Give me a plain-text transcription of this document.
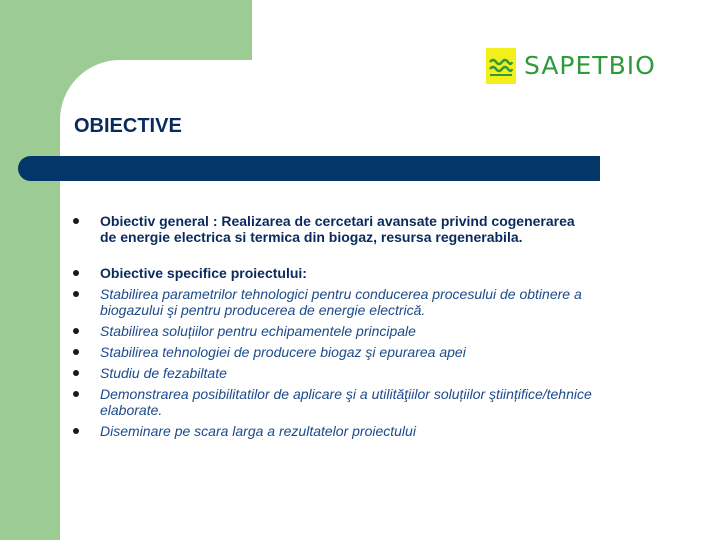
SAPETBIO
OBIECTIVE
Obiectiv general : Realizarea de cercetari avansate privind cogenerarea de energie electrica si termica din biogaz, resursa regenerabila.
Obiective specifice proiectului:
Stabilirea parametrilor tehnologici pentru conducerea procesului de obtinere a biogazului şi pentru producerea de energie electrică.
Stabilirea soluțiilor pentru echipamentele principale
Stabilirea tehnologiei de producere biogaz şi epurarea apei
Studiu de fezabiltate
Demonstrarea posibilitatilor de aplicare şi a utilităţiilor soluțiilor ştiințifice/tehnice elaborate.
Diseminare pe scara larga a rezultatelor proiectului
